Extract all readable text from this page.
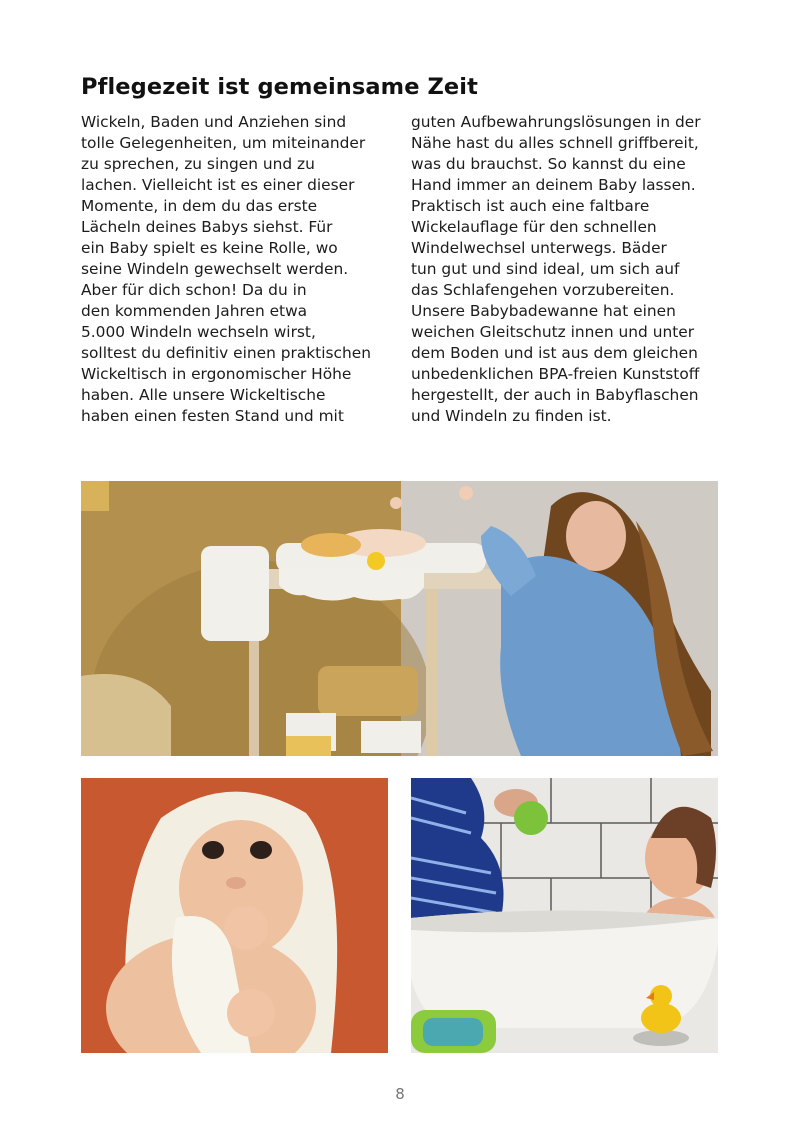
Pflegezeit ist gemeinsame Zeit
Wickeln, Baden und Anziehen sind
tolle Gelegenheiten, um miteinander
zu sprechen, zu singen und zu
lachen. Vielleicht ist es einer dieser
Momente, in dem du das erste
Lächeln deines Babys siehst. Für
ein Baby spielt es keine Rolle, wo
seine Windeln gewechselt werden.
Aber für dich schon! Da du in
den kommenden Jahren etwa
5.000 Windeln wechseln wirst,
solltest du definitiv einen praktischen
Wickeltisch in ergonomischer Höhe
haben. Alle unsere Wickeltische
haben einen festen Stand und mit
guten Aufbewahrungslösungen in der
Nähe hast du alles schnell griffbereit,
was du brauchst. So kannst du eine
Hand immer an deinem Baby lassen.
Praktisch ist auch eine faltbare
Wickelauflage für den schnellen
Windelwechsel unterwegs. Bäder
tun gut und sind ideal, um sich auf
das Schlafengehen vorzubereiten.
Unsere Babybadewanne hat einen
weichen Gleitschutz innen und unter
dem Boden und ist aus dem gleichen
unbedenklichen BPA-freien Kunststoff
hergestellt, der auch in Babyflaschen
und Windeln zu finden ist.
8
